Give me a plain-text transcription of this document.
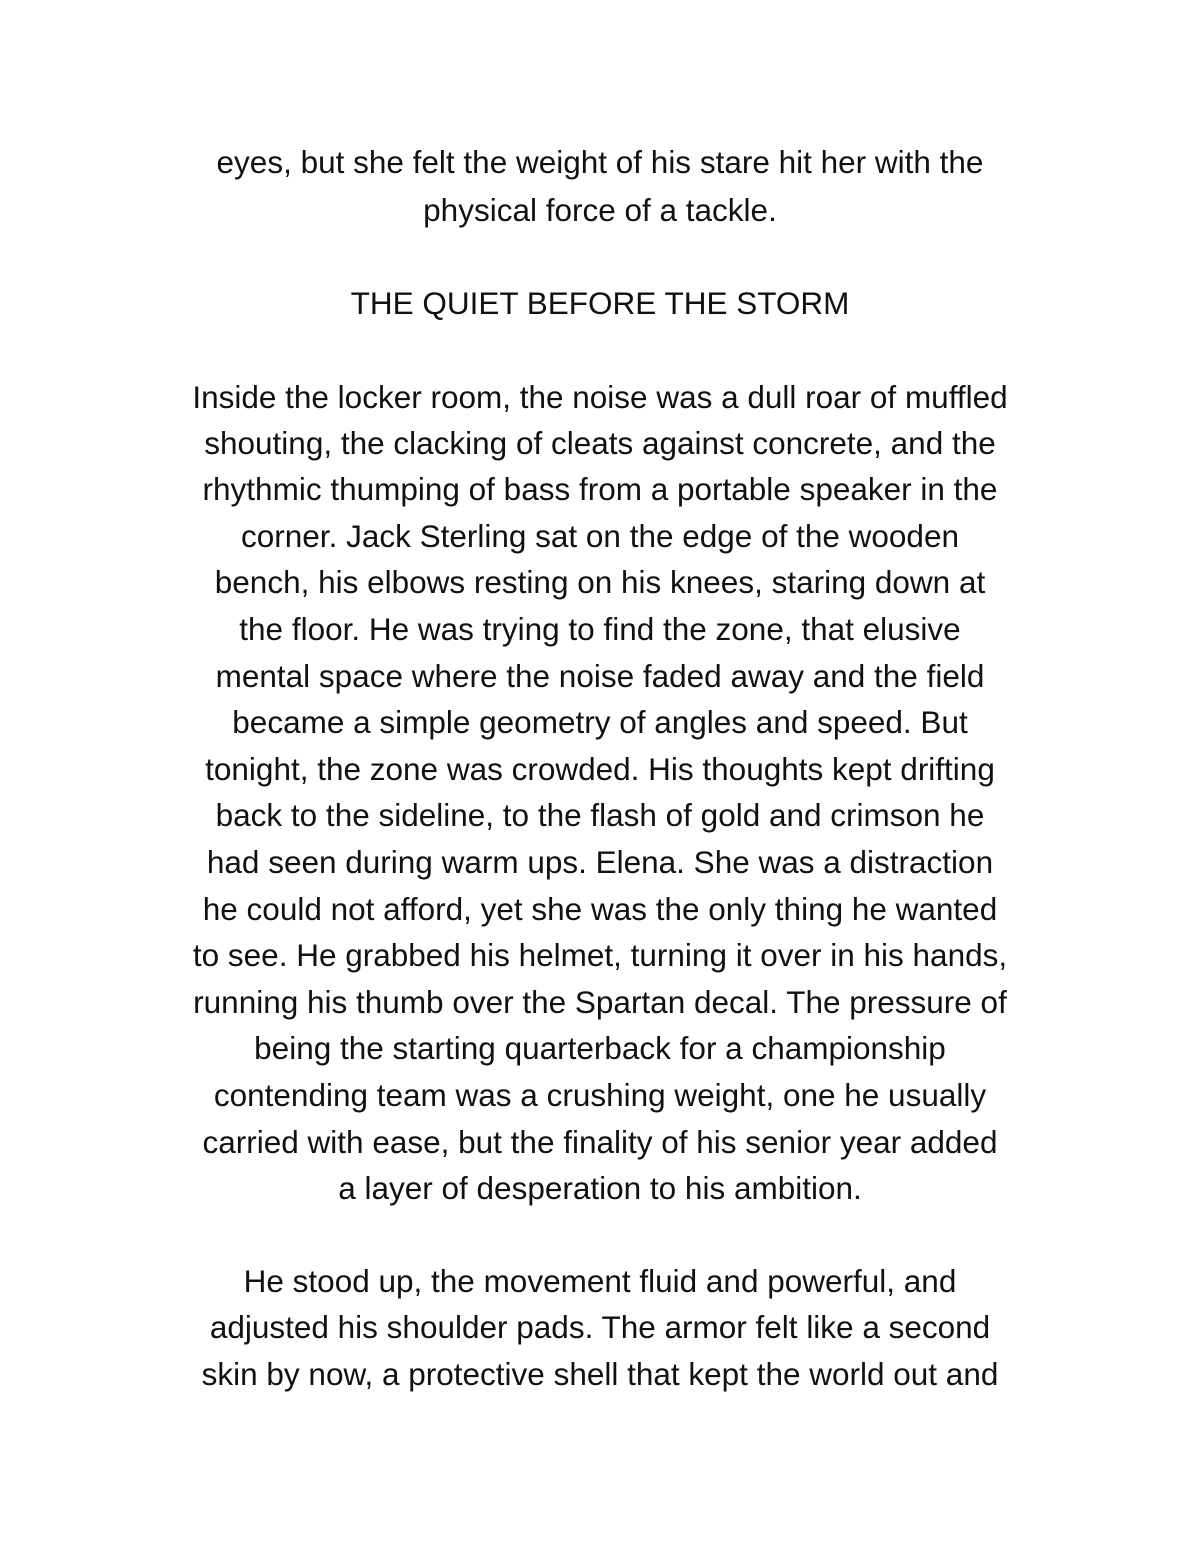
eyes, but she felt the weight of his stare hit her with the

physical force of a tackle.

THE QUIET BEFORE THE STORM

Inside the locker room, the noise was a dull roar of muffled

shouting, the clacking of cleats against concrete, and the

rhythmic thumping of bass from a portable speaker in the

corner. Jack Sterling sat on the edge of the wooden

bench, his elbows resting on his knees, staring down at

the floor. He was trying to find the zone, that elusive

mental space where the noise faded away and the field

became a simple geometry of angles and speed. But

tonight, the zone was crowded. His thoughts kept drifting

back to the sideline, to the flash of gold and crimson he

had seen during warm ups. Elena. She was a distraction

he could not afford, yet she was the only thing he wanted

to see. He grabbed his helmet, turning it over in his hands,

running his thumb over the Spartan decal. The pressure of

being the starting quarterback for a championship

contending team was a crushing weight, one he usually

carried with ease, but the finality of his senior year added

a layer of desperation to his ambition.

He stood up, the movement fluid and powerful, and

adjusted his shoulder pads. The armor felt like a second

skin by now, a protective shell that kept the world out and
